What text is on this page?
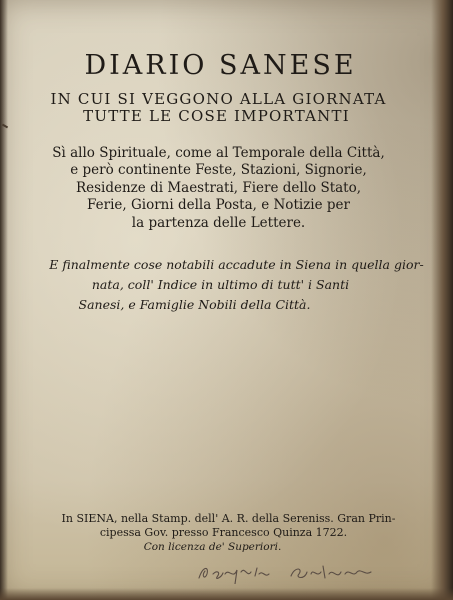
DIARIO SANESE
IN CUI SI VEGGONO ALLA GIORNATA
TUTTE LE COSE IMPORTANTI
Sì allo Spirituale, come al Temporale della Città,
e però continente Feste, Stazioni, Signorie,
Residenze di Maestrati, Fiere dello Stato,
Ferie, Giorni della Posta, e Notizie per
la partenza delle Lettere.
E finalmente cose notabili accadute in Siena in quella gior-
nata, coll' Indice in ultimo di tutt' i Santi
Sanesi, e Famiglie Nobili della Città.
In SIENA, nella Stamp. dell' A. R. della Sereniss. Gran Prin-
cipessa Gov. presso Francesco Quinza 1722.
Con licenza de' Superiori.
